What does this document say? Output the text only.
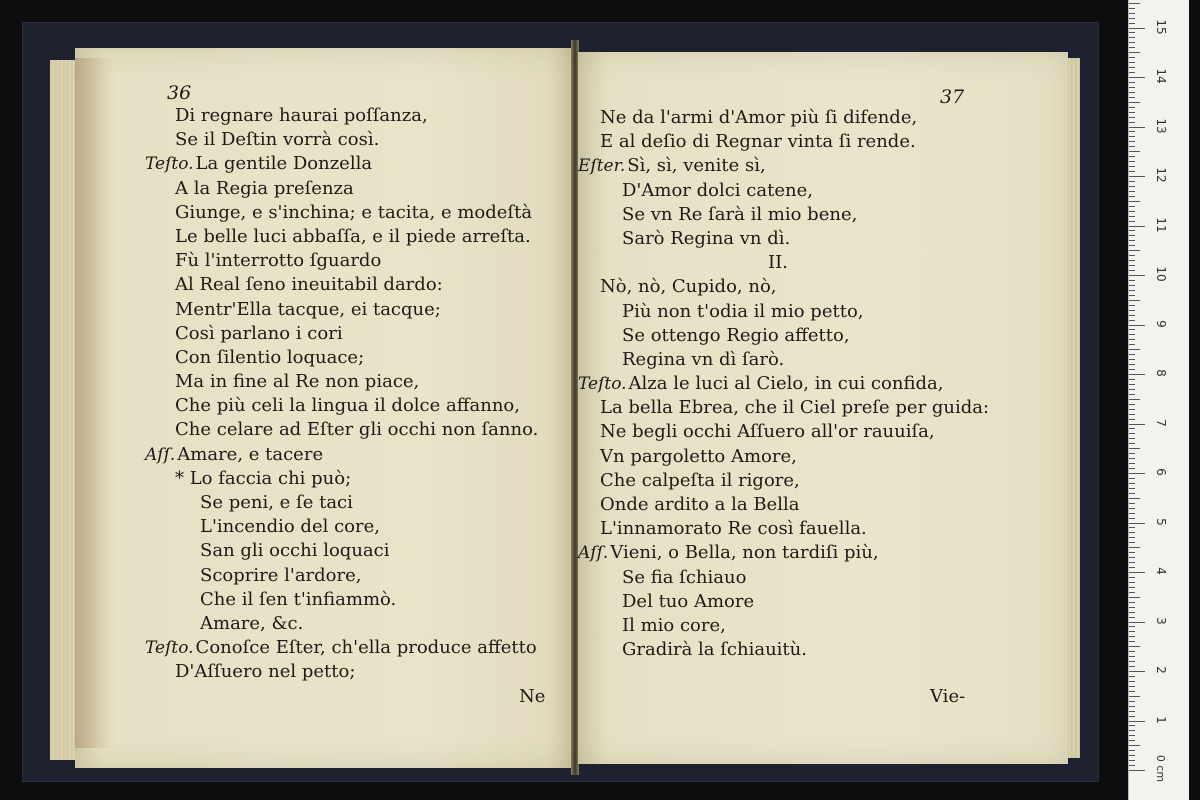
36
Di regnare haurai poſſanza,
Se il Deſtin vorrà così.
Teſto. La gentile Donzella
A la Regia preſenza
Giunge, e s'inchina; e tacita, e modeſtà
Le belle luci abbaſſa, e il piede arreſta.
Fù l'interrotto ſguardo
Al Real ſeno ineuitabil dardo:
Mentr'Ella tacque, ei tacque;
Così parlano i cori
Con ſilentio loquace;
Ma in fine al Re non piace,
Che più celi la lingua il dolce affanno,
Che celare ad Eſter gli occhi non ſanno.
Aſſ. Amare, e tacere
* Lo faccia chi può;
Se peni, e ſe taci
L'incendio del core,
San gli occhi loquaci
Scoprire l'ardore,
Che il ſen t'infiammò.
Amare, &c.
Teſto. Conoſce Eſter, ch'ella produce affetto
D'Aſſuero nel petto;
Ne
37
Ne da l'armi d'Amor più ſi difende,
E al deſio di Regnar vinta ſi rende.
Eſter. Sì, sì, venite sì,
D'Amor dolci catene,
Se vn Re ſarà il mio bene,
Sarò Regina vn dì.
II.
Nò, nò, Cupido, nò,
Più non t'odia il mio petto,
Se ottengo Regio affetto,
Regina vn dì ſarò.
Teſto. Alza le luci al Cielo, in cui confida,
La bella Ebrea, che il Ciel preſe per guida:
Ne begli occhi Aſſuero all'or rauuiſa,
Vn pargoletto Amore,
Che calpeſta il rigore,
Onde ardito a la Bella
L'innamorato Re così fauella.
Aſſ. Vieni, o Bella, non tardiſi più,
Se fia ſchiauo
Del tuo Amore
Il mio core,
Gradirà la ſchiauitù.
Vie-
0 cm
1
2
3
4
5
6
7
8
9
10
11
12
13
14
15
